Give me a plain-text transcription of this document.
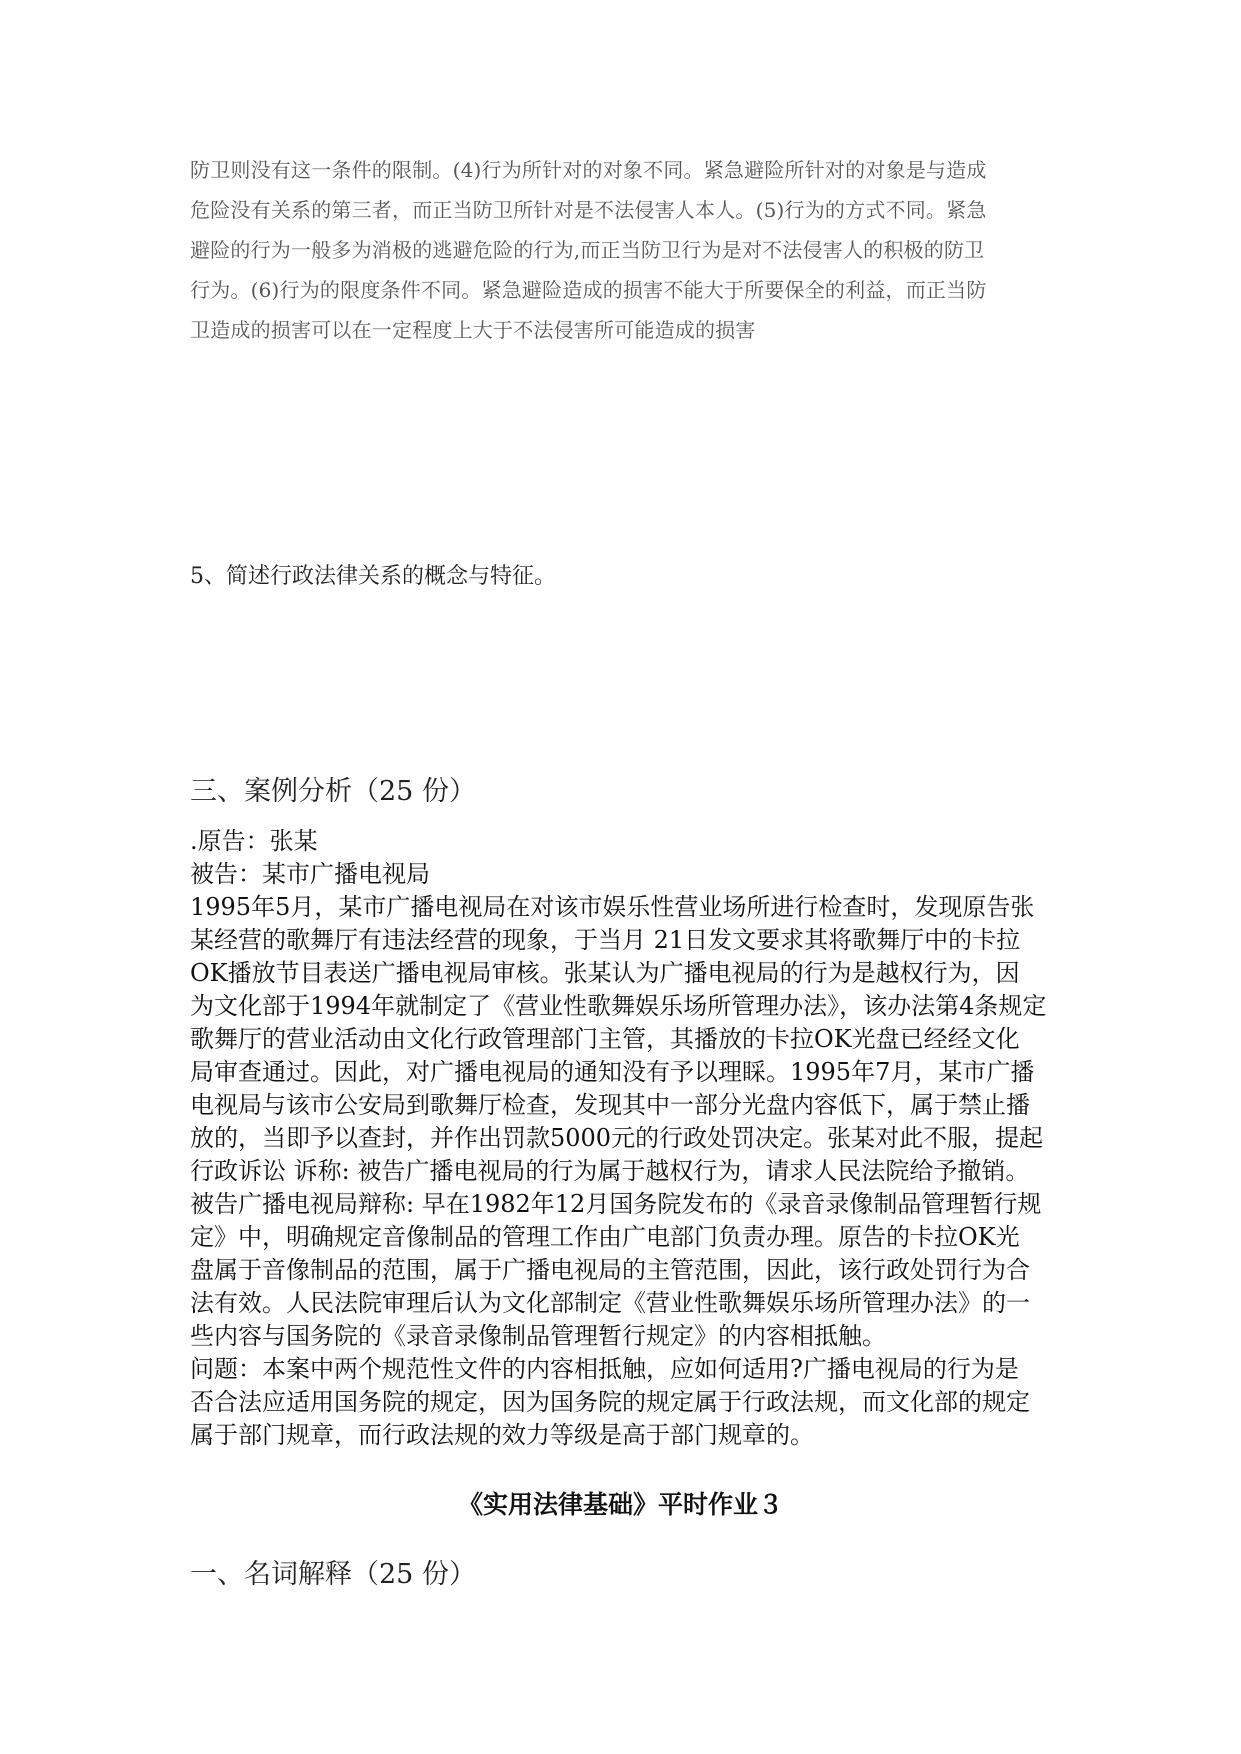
防卫则没有这一条件的限制。(4)行为所针对的对象不同。紧急避险所针对的对象是与造成
危险没有关系的第三者，而正当防卫所针对是不法侵害人本人。(5)行为的方式不同。紧急
避险的行为一般多为消极的逃避危险的行为,而正当防卫行为是对不法侵害人的积极的防卫
行为。(6)行为的限度条件不同。紧急避险造成的损害不能大于所要保全的利益，而正当防
卫造成的损害可以在一定程度上大于不法侵害所可能造成的损害
5、简述行政法律关系的概念与特征。
三、案例分析（25 份）
.原告：张某
被告：某市广播电视局
1995年5月，某市广播电视局在对该市娱乐性营业场所进行检查时，发现原告张
某经营的歌舞厅有违法经营的现象，于当月 21日发文要求其将歌舞厅中的卡拉
OK播放节目表送广播电视局审核。张某认为广播电视局的行为是越权行为，因
为文化部于1994年就制定了《营业性歌舞娱乐场所管理办法》，该办法第4条规定
歌舞厅的营业活动由文化行政管理部门主管，其播放的卡拉OK光盘已经经文化
局审查通过。因此，对广播电视局的通知没有予以理睬。1995年7月，某市广播
电视局与该市公安局到歌舞厅检查，发现其中一部分光盘内容低下，属于禁止播
放的，当即予以查封，并作出罚款5000元的行政处罚决定。张某对此不服，提起
行政诉讼 诉称: 被告广播电视局的行为属于越权行为，请求人民法院给予撤销。
被告广播电视局辩称: 早在1982年12月国务院发布的《录音录像制品管理暂行规
定》中，明确规定音像制品的管理工作由广电部门负责办理。原告的卡拉OK光
盘属于音像制品的范围，属于广播电视局的主管范围，因此，该行政处罚行为合
法有效。人民法院审理后认为文化部制定《营业性歌舞娱乐场所管理办法》的一
些内容与国务院的《录音录像制品管理暂行规定》的内容相抵触。
问题：本案中两个规范性文件的内容相抵触，应如何适用?广播电视局的行为是
否合法应适用国务院的规定，因为国务院的规定属于行政法规，而文化部的规定
属于部门规章，而行政法规的效力等级是高于部门规章的。
《实用法律基础》平时作业３
一、名词解释（25 份）
